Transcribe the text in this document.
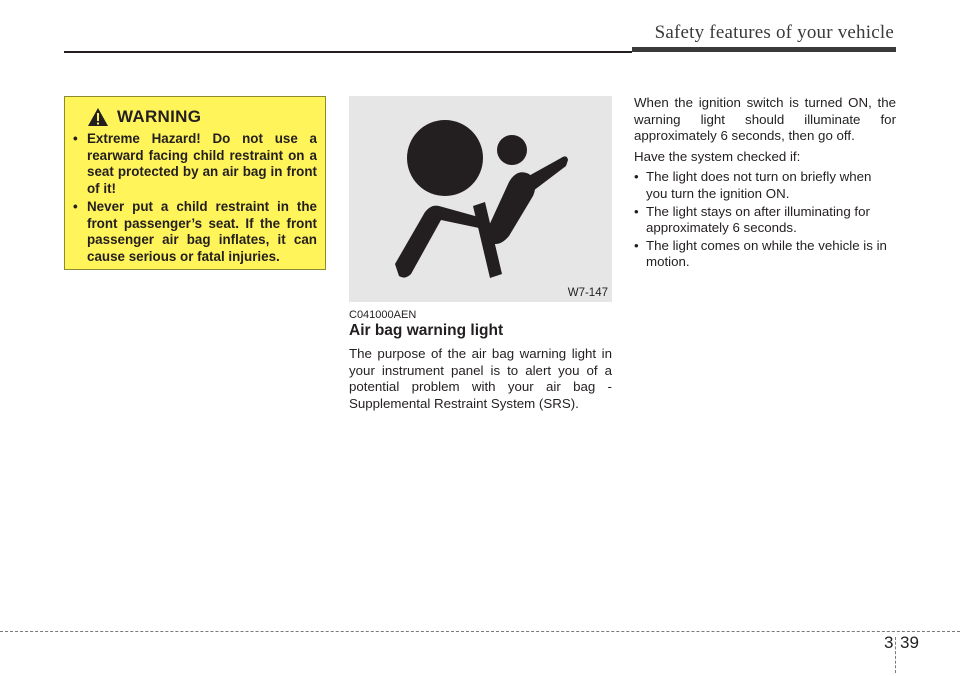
Safety features of your vehicle
WARNING
• Extreme Hazard! Do not use a rearward facing child restraint on a seat protected by an air bag in front of it!
• Never put a child restraint in the front passenger’s seat. If the front passenger air bag inflates, it can cause serious or fatal injuries.
W7-147
C041000AEN
Air bag warning light

The purpose of the air bag warning light in your instrument panel is to alert you of a potential problem with your air bag - Supplemental Restraint System (SRS).

When the ignition switch is turned ON, the warning light should illuminate for approximately 6 seconds, then go off.

Have the system checked if:

• The light does not turn on briefly when you turn the ignition ON.
• The light stays on after illuminating for approximately 6 seconds.
• The light comes on while the vehicle is in motion.
3 39
